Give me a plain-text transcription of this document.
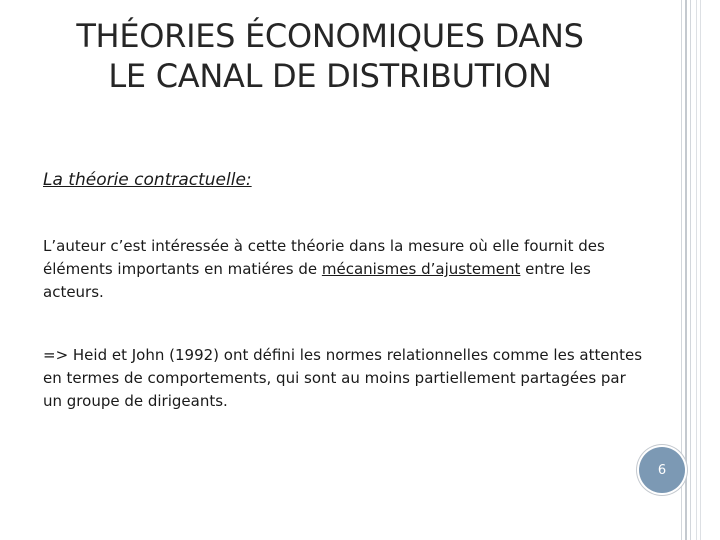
THÉORIES ÉCONOMIQUES DANS
LE CANAL DE DISTRIBUTION
La théorie contractuelle:
L’auteur c’est intéressée à cette théorie dans la mesure où elle fournit des éléments importants en matiéres de mécanismes d’ajustement entre les acteurs.
=> Heid et John (1992) ont défini les normes relationnelles comme les attentes en termes de comportements, qui sont au moins partiellement partagées par un groupe de dirigeants.
6
